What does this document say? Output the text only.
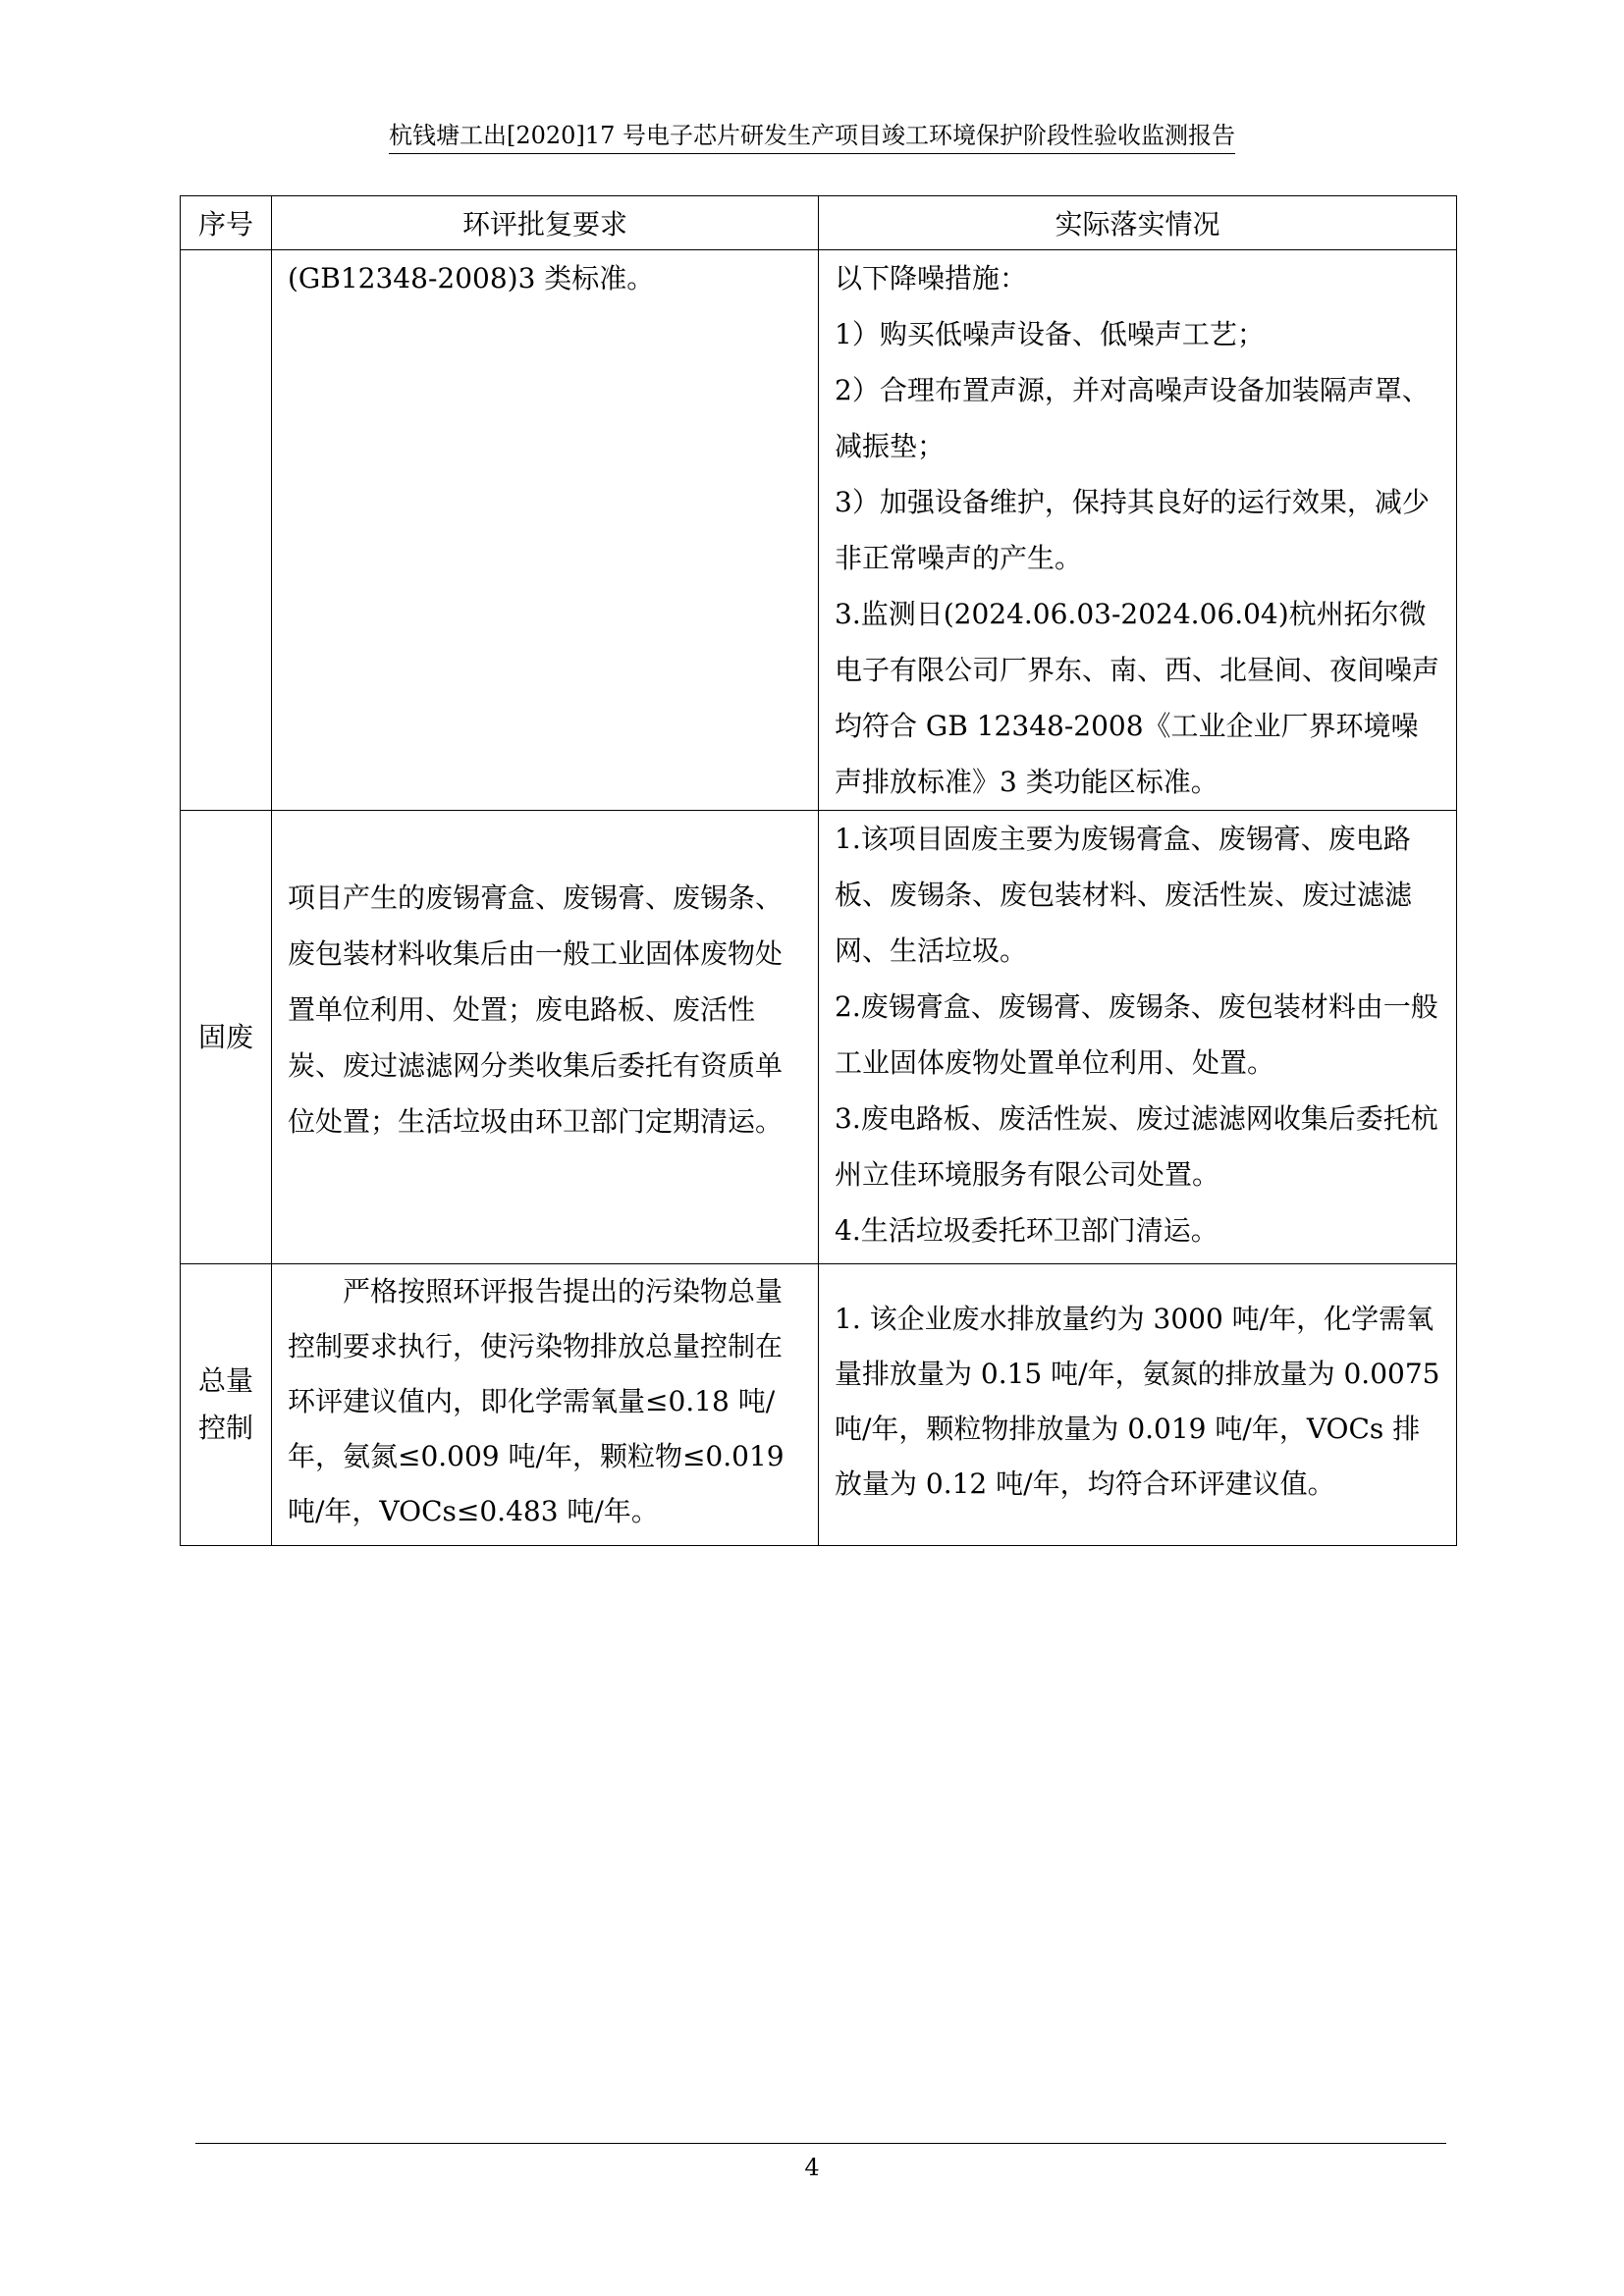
杭钱塘工出[2020]17 号电子芯片研发生产项目竣工环境保护阶段性验收监测报告
序号	环评批复要求	实际落实情况

	(GB12348-2008)3 类标准。	以下降噪措施：

1）购买低噪声设备、低噪声工艺；

2）合理布置声源，并对高噪声设备加装隔声罩、减振垫；

3）加强设备维护，保持其良好的运行效果，减少非正常噪声的产生。

3.监测日(2024.06.03-2024.06.04)杭州拓尔微电子有限公司厂界东、南、西、北昼间、夜间噪声均符合 GB 12348-2008《工业企业厂界环境噪声排放标准》3 类功能区标准。

固废	项目产生的废锡膏盒、废锡膏、废锡条、废包装材料收集后由一般工业固体废物处置单位利用、处置；废电路板、废活性炭、废过滤滤网分类收集后委托有资质单位处置；生活垃圾由环卫部门定期清运。	1.该项目固废主要为废锡膏盒、废锡膏、废电路板、废锡条、废包装材料、废活性炭、废过滤滤网、生活垃圾。

2.废锡膏盒、废锡膏、废锡条、废包装材料由一般工业固体废物处置单位利用、处置。

3.废电路板、废活性炭、废过滤滤网收集后委托杭州立佳环境服务有限公司处置。

4.生活垃圾委托环卫部门清运。

总量控制	严格按照环评报告提出的污染物总量控制要求执行，使污染物排放总量控制在环评建议值内，即化学需氧量≤0.18 吨/年，氨氮≤0.009 吨/年，颗粒物≤0.019 吨/年，VOCs≤0.483 吨/年。	1. 该企业废水排放量约为 3000 吨/年，化学需氧量排放量为 0.15 吨/年，氨氮的排放量为 0.0075 吨/年，颗粒物排放量为 0.019 吨/年，VOCs 排放量为 0.12 吨/年，均符合环评建议值。

4
